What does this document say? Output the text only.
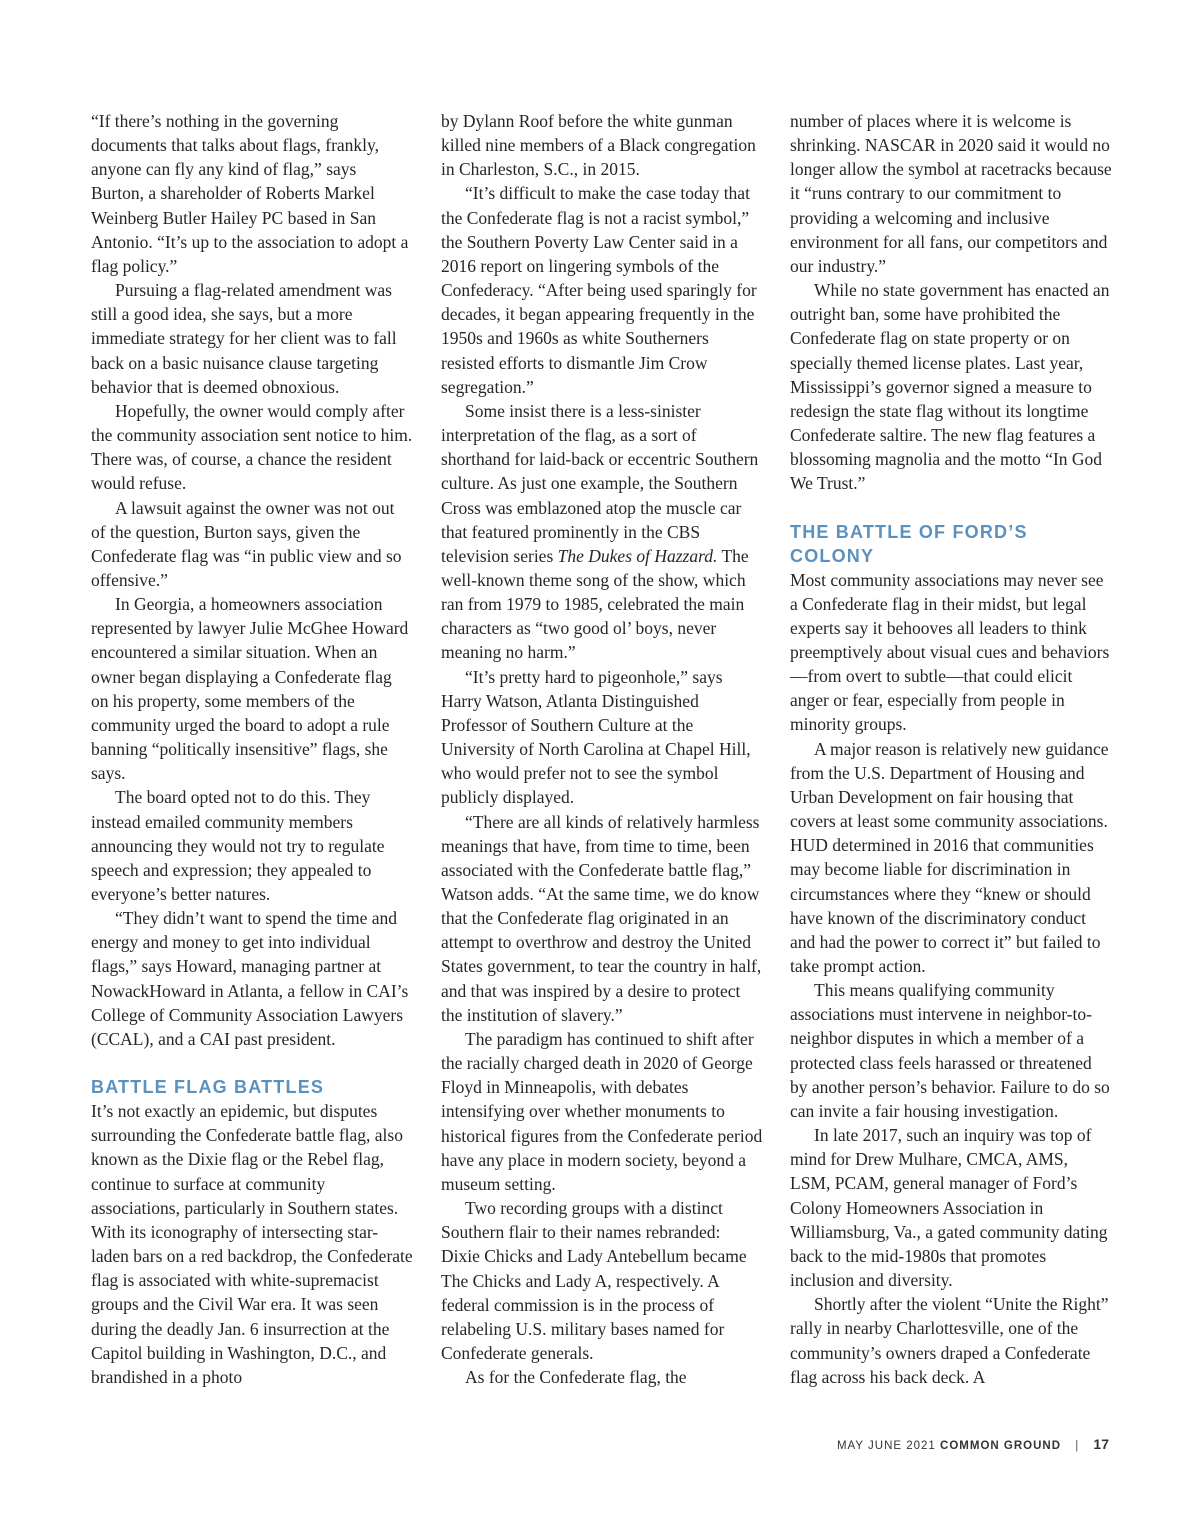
“If there’s nothing in the governing documents that talks about flags, frankly, anyone can fly any kind of flag,” says Burton, a shareholder of Roberts Markel Weinberg Butler Hailey PC based in San Antonio. “It’s up to the association to adopt a flag policy.”

Pursuing a flag-related amendment was still a good idea, she says, but a more immediate strategy for her client was to fall back on a basic nuisance clause targeting behavior that is deemed obnoxious.

Hopefully, the owner would comply after the community association sent notice to him. There was, of course, a chance the resident would refuse.

A lawsuit against the owner was not out of the question, Burton says, given the Confederate flag was “in public view and so offensive.”

In Georgia, a homeowners association represented by lawyer Julie McGhee Howard encountered a similar situation. When an owner began displaying a Confederate flag on his property, some members of the community urged the board to adopt a rule banning “politically insensitive” flags, she says.

The board opted not to do this. They instead emailed community members announcing they would not try to regulate speech and expression; they appealed to everyone’s better natures.

“They didn’t want to spend the time and energy and money to get into individual flags,” says Howard, managing partner at NowackHoward in Atlanta, a fellow in CAI’s College of Community Association Lawyers (CCAL), and a CAI past president.

BATTLE FLAG BATTLES

It’s not exactly an epidemic, but disputes surrounding the Confederate battle flag, also known as the Dixie flag or the Rebel flag, continue to surface at community associations, particularly in Southern states. With its iconography of intersecting star-laden bars on a red backdrop, the Confederate flag is associated with white-supremacist groups and the Civil War era. It was seen during the deadly Jan. 6 insurrection at the Capitol building in Washington, D.C., and brandished in a photo

by Dylann Roof before the white gunman killed nine members of a Black congregation in Charleston, S.C., in 2015.

“It’s difficult to make the case today that the Confederate flag is not a racist symbol,” the Southern Poverty Law Center said in a 2016 report on lingering symbols of the Confederacy. “After being used sparingly for decades, it began appearing frequently in the 1950s and 1960s as white Southerners resisted efforts to dismantle Jim Crow segregation.”

Some insist there is a less-sinister interpretation of the flag, as a sort of shorthand for laid-back or eccentric Southern culture. As just one example, the Southern Cross was emblazoned atop the muscle car that featured prominently in the CBS television series The Dukes of Hazzard. The well-known theme song of the show, which ran from 1979 to 1985, celebrated the main characters as “two good ol’ boys, never meaning no harm.”

“It’s pretty hard to pigeonhole,” says Harry Watson, Atlanta Distinguished Professor of Southern Culture at the University of North Carolina at Chapel Hill, who would prefer not to see the symbol publicly displayed.

“There are all kinds of relatively harmless meanings that have, from time to time, been associated with the Confederate battle flag,” Watson adds. “At the same time, we do know that the Confederate flag originated in an attempt to overthrow and destroy the United States government, to tear the country in half, and that was inspired by a desire to protect the institution of slavery.”

The paradigm has continued to shift after the racially charged death in 2020 of George Floyd in Minneapolis, with debates intensifying over whether monuments to historical figures from the Confederate period have any place in modern society, beyond a museum setting.

Two recording groups with a distinct Southern flair to their names rebranded: Dixie Chicks and Lady Antebellum became The Chicks and Lady A, respectively. A federal commission is in the process of relabeling U.S. military bases named for Confederate generals.

As for the Confederate flag, the

number of places where it is welcome is shrinking. NASCAR in 2020 said it would no longer allow the symbol at racetracks because it “runs contrary to our commitment to providing a welcoming and inclusive environment for all fans, our competitors and our industry.”

While no state government has enacted an outright ban, some have prohibited the Confederate flag on state property or on specially themed license plates. Last year, Mississippi’s governor signed a measure to redesign the state flag without its longtime Confederate saltire. The new flag features a blossoming magnolia and the motto “In God We Trust.”

THE BATTLE OF FORD’S COLONY

Most community associations may never see a Confederate flag in their midst, but legal experts say it behooves all leaders to think preemptively about visual cues and behaviors—from overt to subtle—that could elicit anger or fear, especially from people in minority groups.

A major reason is relatively new guidance from the U.S. Department of Housing and Urban Development on fair housing that covers at least some community associations. HUD determined in 2016 that communities may become liable for discrimination in circumstances where they “knew or should have known of the discriminatory conduct and had the power to correct it” but failed to take prompt action.

This means qualifying community associations must intervene in neighbor-to-neighbor disputes in which a member of a protected class feels harassed or threatened by another person’s behavior. Failure to do so can invite a fair housing investigation.

In late 2017, such an inquiry was top of mind for Drew Mulhare, CMCA, AMS, LSM, PCAM, general manager of Ford’s Colony Homeowners Association in Williamsburg, Va., a gated community dating back to the mid-1980s that promotes inclusion and diversity.

Shortly after the violent “Unite the Right” rally in nearby Charlottesville, one of the community’s owners draped a Confederate flag across his back deck. A

MAY JUNE 2021 COMMON GROUND | 17
